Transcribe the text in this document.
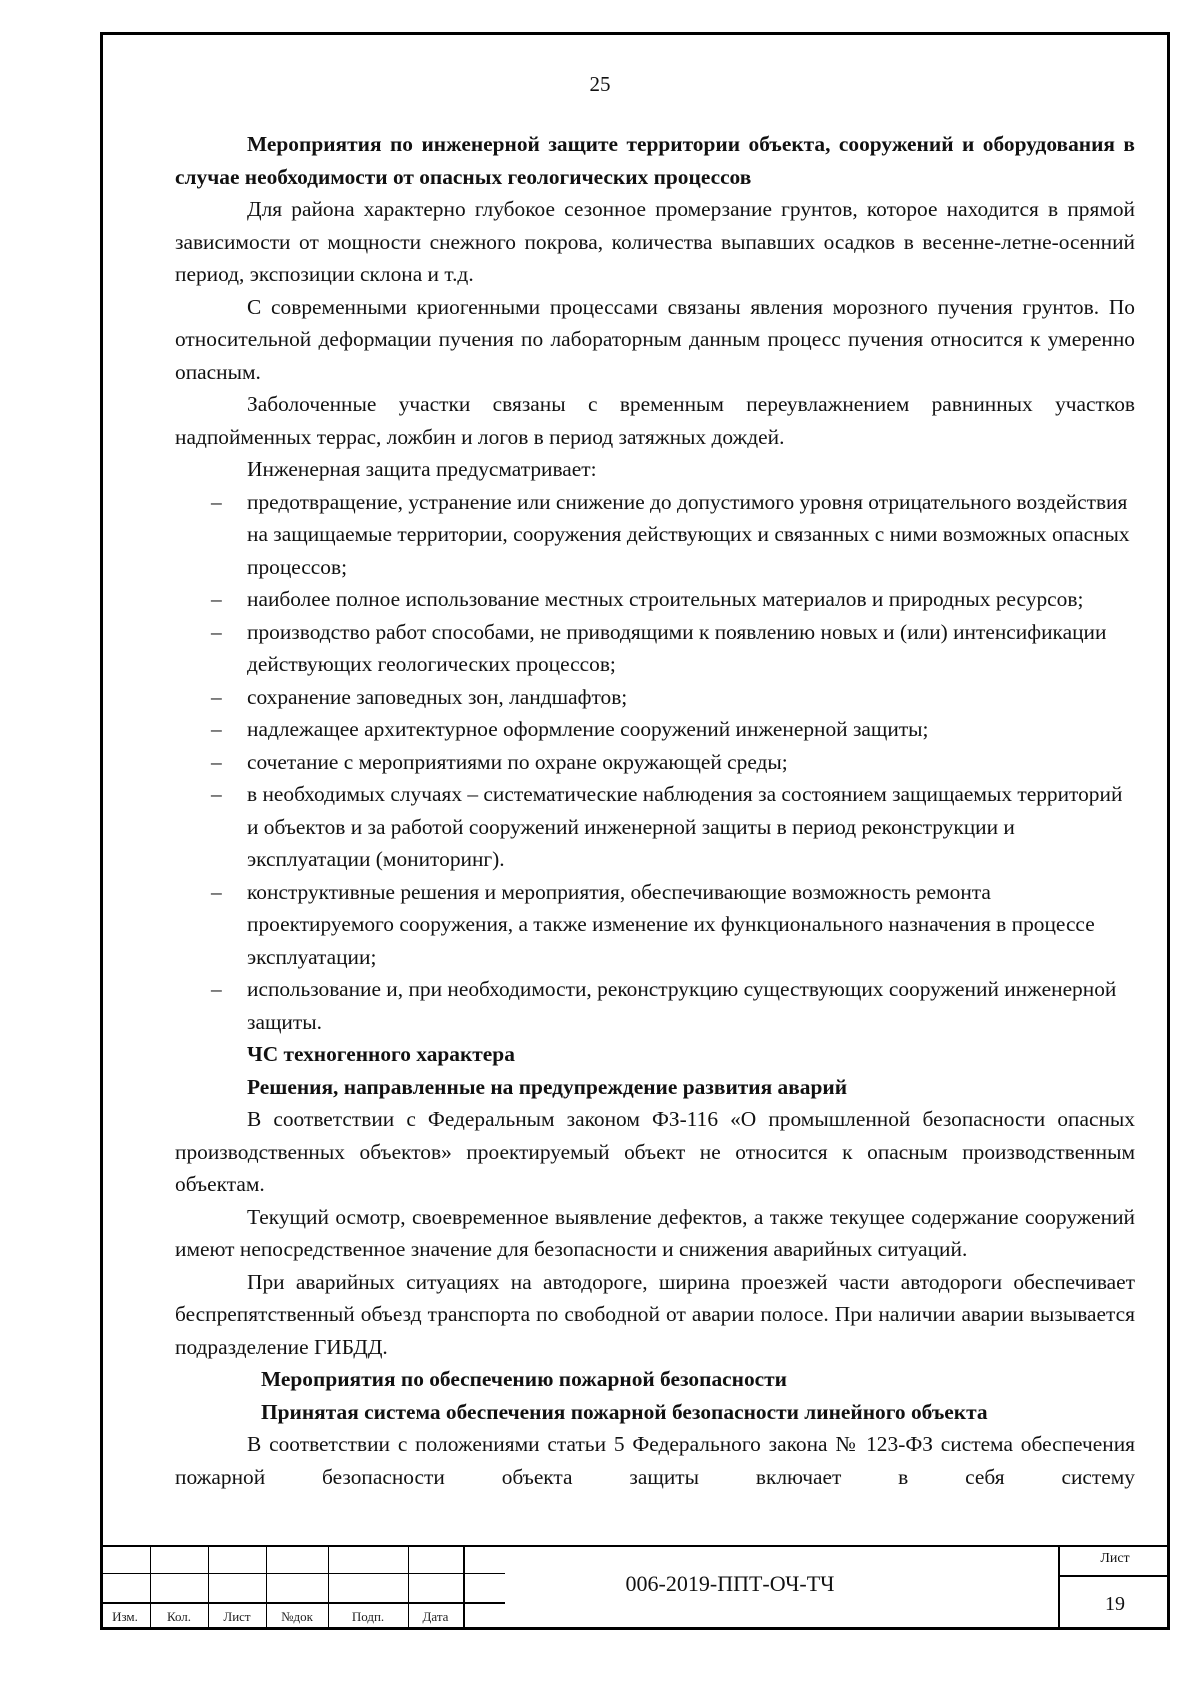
25

Мероприятия по инженерной защите территории объекта, сооружений и оборудования в случае необходимости от опасных геологических процессов

Для района характерно глубокое сезонное промерзание грунтов, которое находится в прямой зависимости от мощности снежного покрова, количества выпавших осадков в весенне-летне-осенний период, экспозиции склона и т.д.

С современными криогенными процессами связаны явления морозного пучения грунтов. По относительной деформации пучения по лабораторным данным процесс пучения относится к умеренно опасным.

Заболоченные участки связаны с временным переувлажнением равнинных участков надпойменных террас, ложбин и логов в период затяжных дождей.

Инженерная защита предусматривает:

– предотвращение, устранение или снижение до допустимого уровня отрицательного воздействия на защищаемые территории, сооружения действующих и связанных с ними возможных опасных процессов;
– наиболее полное использование местных строительных материалов и природных ресурсов;
– производство работ способами, не приводящими к появлению новых и (или) интенсификации действующих геологических процессов;
– сохранение заповедных зон, ландшафтов;
– надлежащее архитектурное оформление сооружений инженерной защиты;
– сочетание с мероприятиями по охране окружающей среды;
– в необходимых случаях – систематические наблюдения за состоянием защищаемых территорий и объектов и за работой сооружений инженерной защиты в период реконструкции и эксплуатации (мониторинг).
– конструктивные решения и мероприятия, обеспечивающие возможность ремонта проектируемого сооружения, а также изменение их функционального назначения в процессе эксплуатации;
– использование и, при необходимости, реконструкцию существующих сооружений инженерной защиты.

ЧС техногенного характера

Решения, направленные на предупреждение развития аварий

В соответствии с Федеральным законом ФЗ-116 «О промышленной безопасности опасных производственных объектов» проектируемый объект не относится к опасным производственным объектам.

Текущий осмотр, своевременное выявление дефектов, а также текущее содержание сооружений имеют непосредственное значение для безопасности и снижения аварийных ситуаций.

При аварийных ситуациях на автодороге, ширина проезжей части автодороги обеспечивает беспрепятственный объезд транспорта по свободной от аварии полосе. При наличии аварии вызывается подразделение ГИБДД.

Мероприятия по обеспечению пожарной безопасности

Принятая система обеспечения пожарной безопасности линейного объекта

В соответствии с положениями статьи 5 Федерального закона № 123-ФЗ система обеспечения пожарной безопасности объекта защиты включает в себя систему

Изм.	Кол.	Лист	№док	Подп.	Дата
006-2019-ППТ-ОЧ-ТЧ
Лист
19
